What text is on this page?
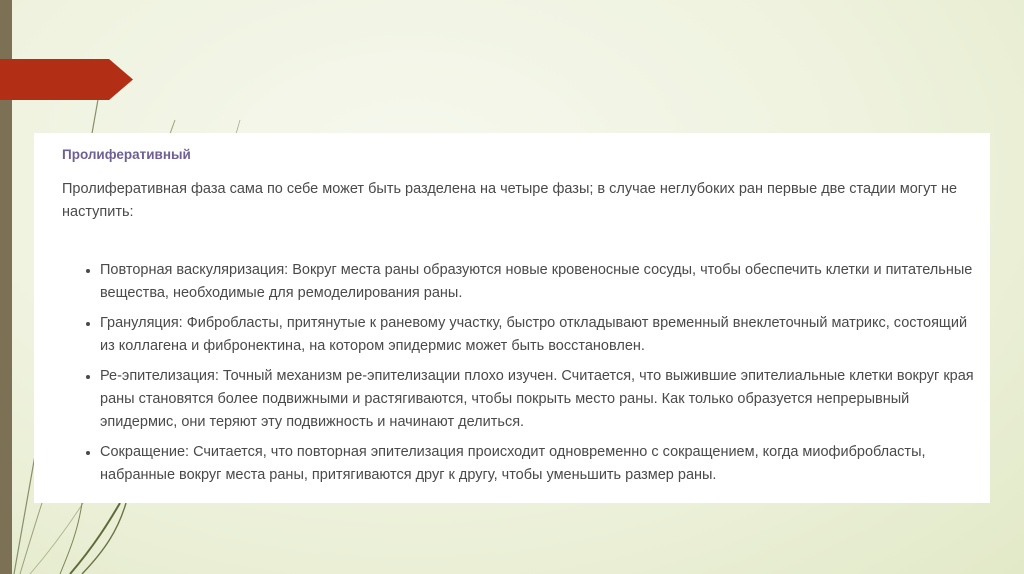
Пролиферативный
Пролиферативная фаза сама по себе может быть разделена на четыре фазы; в случае неглубоких ран первые две стадии могут не наступить:
• Повторная васкуляризация: Вокруг места раны образуются новые кровеносные сосуды, чтобы обеспечить клетки и питательные вещества, необходимые для ремоделирования раны.
• Грануляция: Фибробласты, притянутые к раневому участку, быстро откладывают временный внеклеточный матрикс, состоящий из коллагена и фибронектина, на котором эпидермис может быть восстановлен.
• Ре-эпителизация: Точный механизм ре-эпителизации плохо изучен. Считается, что выжившие эпителиальные клетки вокруг края раны становятся более подвижными и растягиваются, чтобы покрыть место раны. Как только образуется непрерывный эпидермис, они теряют эту подвижность и начинают делиться.
• Сокращение: Считается, что повторная эпителизация происходит одновременно с сокращением, когда миофибробласты, набранные вокруг места раны, притягиваются друг к другу, чтобы уменьшить размер раны.
